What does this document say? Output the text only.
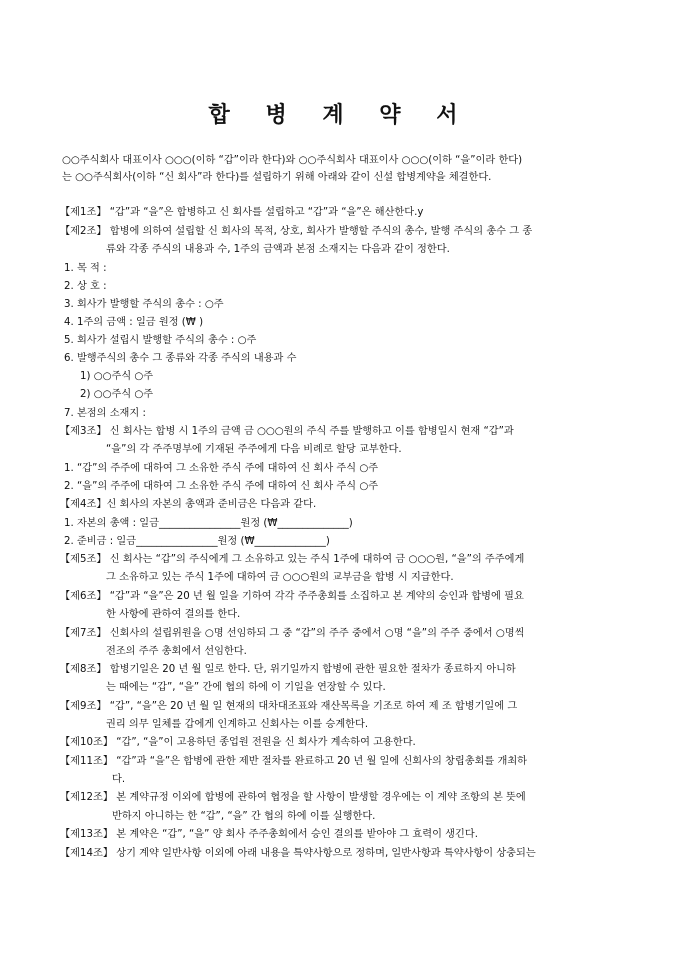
합 병 계 약 서
○○주식회사 대표이사 ○○○(이하 “갑”이라 한다)와 ○○주식회사 대표이사 ○○○(이하 “을”이라 한다)
는 ○○주식회사(이하 “신 회사”라 한다)를 설립하기 위해 아래와 같이 신설 합병계약을 체결한다.
【제1조】 “갑”과 “을”은 합병하고 신 회사를 설립하고 “갑”과 “을”은 해산한다.y
【제2조】 합병에 의하여 설립할 신 회사의 목적, 상호, 회사가 발행할 주식의 총수, 발행 주식의 총수 그 종
류와 각종 주식의 내용과 수, 1주의 금액과 본점 소재지는 다음과 같이 정한다.
1. 목 적 :
2. 상 호 :
3. 회사가 발행할 주식의 총수 : ○주
4. 1주의 금액 : 일금 원정 (₩ )
5. 회사가 설립시 발행할 주식의 총수 : ○주
6. 발행주식의 총수 그 종류와 각종 주식의 내용과 수
1) ○○주식 ○주
2) ○○주식 ○주
7. 본점의 소재지 :
【제3조】 신 회사는 합병 시 1주의 금액 금 ○○○원의 주식 주를 발행하고 이를 합병일시 현재 “갑”과
“을”의 각 주주명부에 기재된 주주에게 다음 비례로 할당 교부한다.
1. “갑”의 주주에 대하여 그 소유한 주식 주에 대하여 신 회사 주식 ○주
2. “을”의 주주에 대하여 그 소유한 주식 주에 대하여 신 회사 주식 ○주
【제4조】신 회사의 자본의 총액과 준비금은 다음과 같다.
1. 자본의 총액 : 일금________________원정 (₩______________)
2. 준비금 : 일금________________원정 (₩______________)
【제5조】 신 회사는 “갑”의 주식에게 그 소유하고 있는 주식 1주에 대하여 금 ○○○원, “을”의 주주에게
그 소유하고 있는 주식 1주에 대하여 금 ○○○원의 교부금을 합병 시 지급한다.
【제6조】 “갑”과 “을”은 20 년 월 일을 기하여 각각 주주총회를 소집하고 본 계약의 승인과 합병에 필요
한 사항에 관하여 결의를 한다.
【제7조】 신회사의 설립위원을 ○명 선임하되 그 중 “갑”의 주주 중에서 ○명 “을”의 주주 중에서 ○명씩
전조의 주주 총회에서 선임한다.
【제8조】 합병기일은 20 년 월 일로 한다. 단, 위기일까지 합병에 관한 필요한 절차가 종료하지 아니하
는 때에는 “갑”, “을” 간에 협의 하에 이 기일을 연장할 수 있다.
【제9조】 “갑”, “을”은 20 년 월 일 현재의 대차대조표와 재산목록을 기조로 하여 제 조 합병기일에 그
권리 의무 일체를 갑에게 인계하고 신회사는 이를 승계한다.
【제10조】 “갑”, “을”이 고용하던 종업원 전원을 신 회사가 계속하여 고용한다.
【제11조】 “갑”과 “을”은 합병에 관한 제반 절차를 완료하고 20 년 월 일에 신회사의 창립총회를 개최하
다.
【제12조】 본 계약규정 이외에 합병에 관하여 협정을 할 사항이 발생할 경우에는 이 계약 조항의 본 뜻에
반하지 아니하는 한 “갑”, “을” 간 협의 하에 이를 실행한다.
【제13조】 본 계약은 “갑”, “을” 양 회사 주주총회에서 승인 결의를 받아야 그 효력이 생긴다.
【제14조】 상기 계약 일반사항 이외에 아래 내용을 특약사항으로 정하며, 일반사항과 특약사항이 상충되는
